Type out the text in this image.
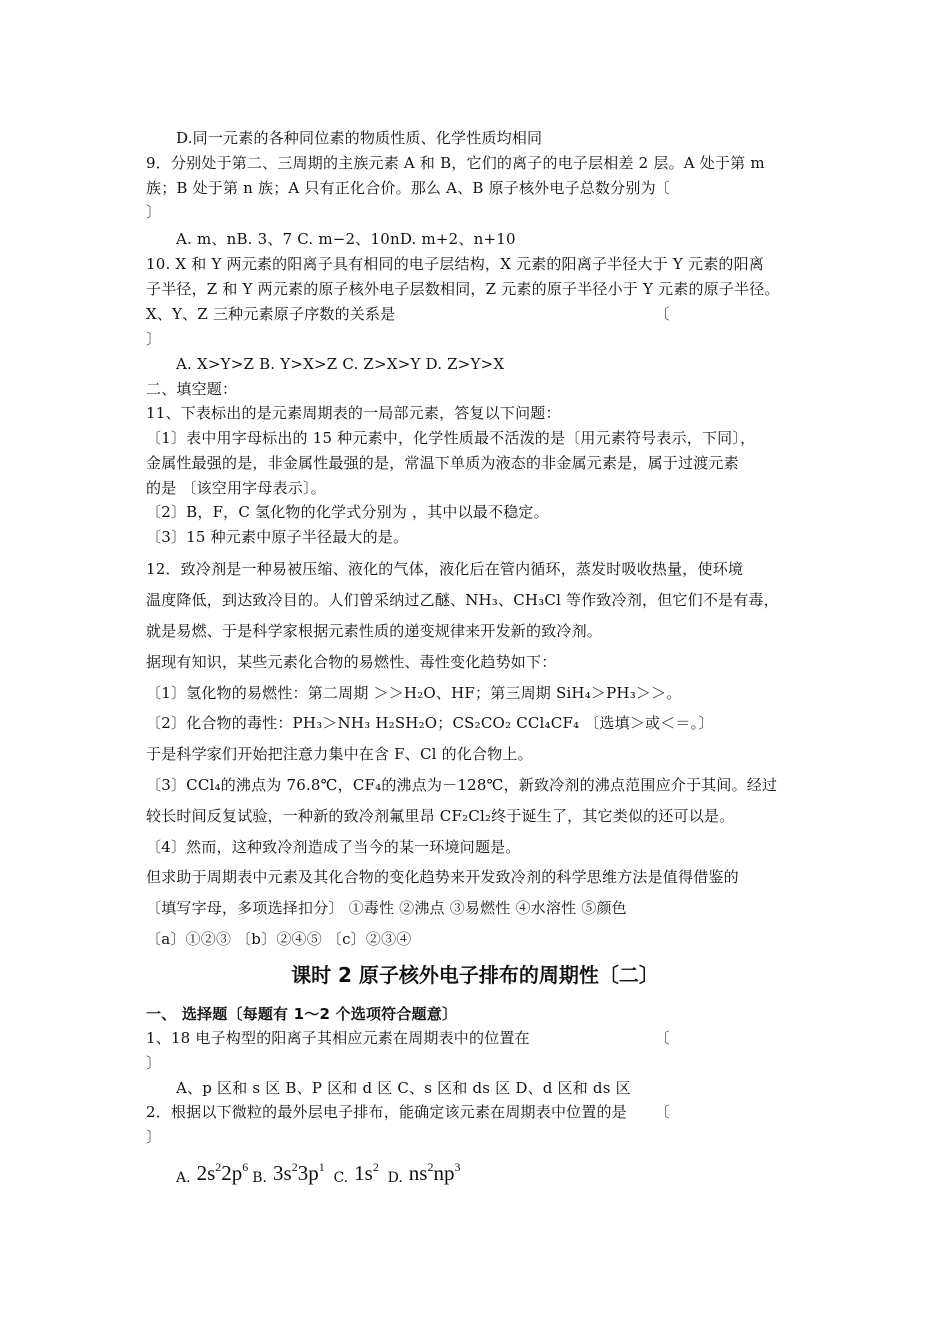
D.同一元素的各种同位素的物质性质、化学性质均相同
9．分别处于第二、三周期的主族元素 A 和 B，它们的离子的电子层相差 2 层。A 处于第 m
族；B 处于第 n 族；A 只有正化合价。那么 A、B 原子核外电子总数分别为 〔
〕
A. m、nB. 3、7 C. m−2、10nD. m+2、n+10
10. X 和 Y 两元素的阳离子具有相同的电子层结构，X 元素的阳离子半径大于 Y 元素的阳离
子半径，Z 和 Y 两元素的原子核外电子层数相同，Z 元素的原子半径小于 Y 元素的原子半径。
X、Y、Z 三种元素原子序数的关系是	〔
〕
A. X>Y>Z B. Y>X>Z C. Z>X>Y D. Z>Y>X
二、填空题：
11、下表标出的是元素周期表的一局部元素，答复以下问题：
〔1〕表中用字母标出的 15 种元素中，化学性质最不活泼的是〔用元素符号表示，下同〕，
金属性最强的是，非金属性最强的是，常温下单质为液态的非金属元素是，属于过渡元素
的是 〔该空用字母表示〕。
〔2〕B，F，C 氢化物的化学式分别为 ，其中以最不稳定。
〔3〕15 种元素中原子半径最大的是。
12．致冷剂是一种易被压缩、液化的气体，液化后在管内循环，蒸发时吸收热量，使环境
温度降低，到达致冷目的。人们曾采纳过乙醚、NH₃、CH₃Cl 等作致冷剂，但它们不是有毒，
就是易燃、于是科学家根据元素性质的递变规律来开发新的致冷剂。
据现有知识，某些元素化合物的易燃性、毒性变化趋势如下：
〔1〕氢化物的易燃性：第二周期 ＞＞H₂O、HF；第三周期 SiH₄＞PH₃＞＞。
〔2〕化合物的毒性：PH₃＞NH₃ H₂SH₂O；CS₂CO₂ CCl₄CF₄ 〔选填＞或＜＝。〕
于是科学家们开始把注意力集中在含 F、Cl 的化合物上。
〔3〕CCl₄的沸点为 76.8℃，CF₄的沸点为－128℃，新致冷剂的沸点范围应介于其间。经过
较长时间反复试验，一种新的致冷剂氟里昂 CF₂Cl₂终于诞生了，其它类似的还可以是。
〔4〕然而，这种致冷剂造成了当今的某一环境问题是。
但求助于周期表中元素及其化合物的变化趋势来开发致冷剂的科学思维方法是值得借鉴的
〔填写字母，多项选择扣分〕 ①毒性 ②沸点 ③易燃性 ④水溶性 ⑤颜色
〔a〕①②③ 〔b〕②④⑤ 〔c〕②③④
课时 2 原子核外电子排布的周期性〔二〕
一、 选择题〔每题有 1～2 个选项符合题意〕
1、18 电子构型的阳离子其相应元素在周期表中的位置在	〔
〕
A、p 区和 s 区 B、P 区和 d 区 C、s 区和 ds 区 D、d 区和 ds 区
2．根据以下微粒的最外层电子排布，能确定该元素在周期表中位置的是 〔
〕
A. $2s^22p^6B$. $3s^23p^1$ C. $1s^2$ D. $ns^2np^3$
